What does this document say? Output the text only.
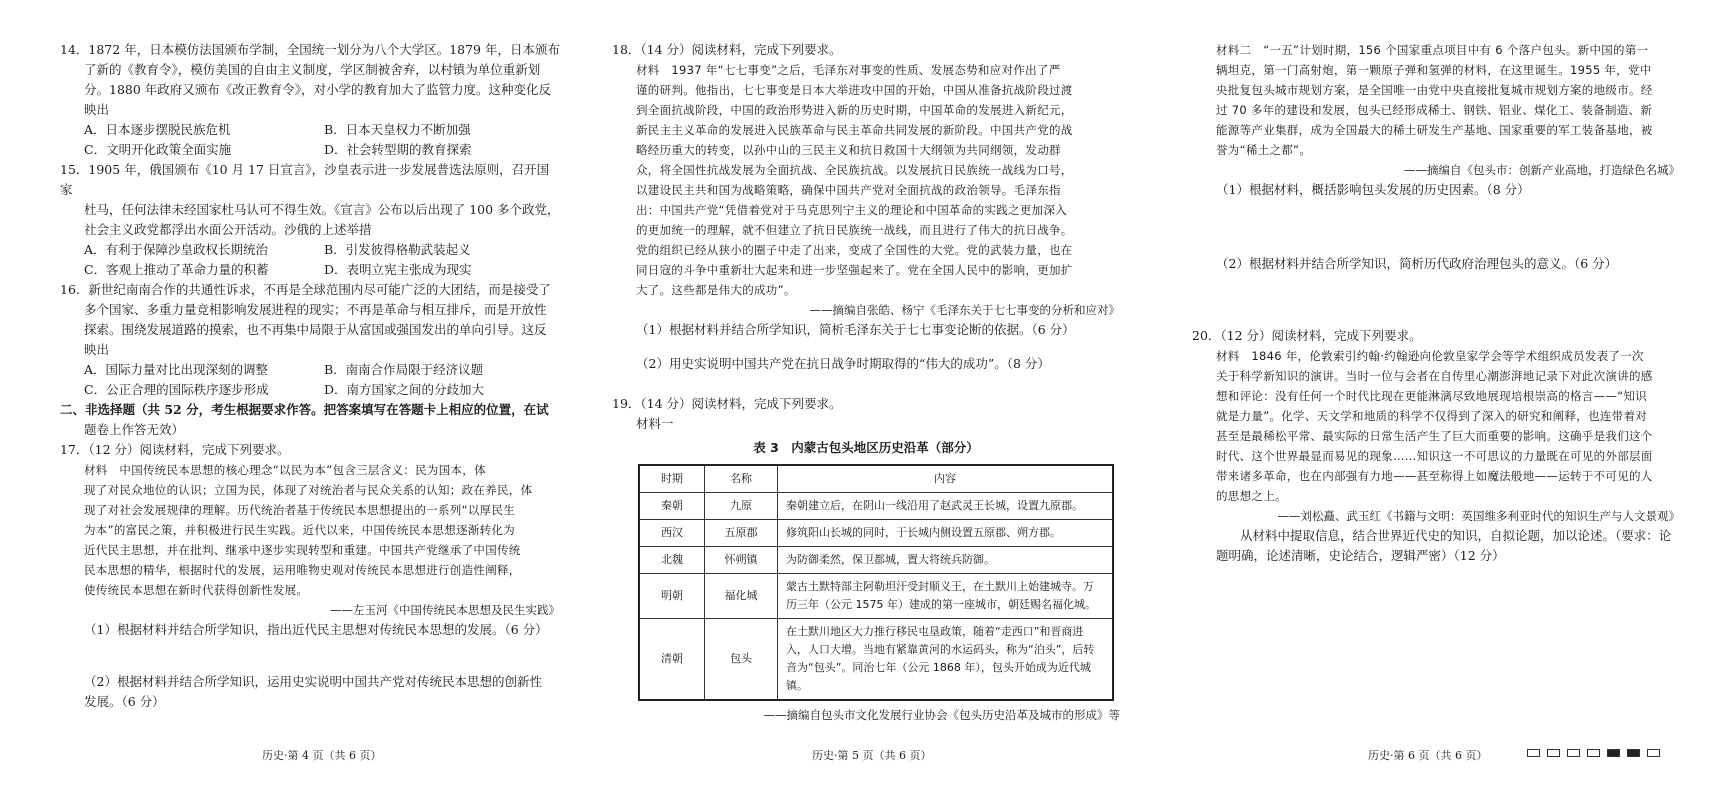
14．1872 年，日本模仿法国颁布学制，全国统一划分为八个大学区。1879 年，日本颁布

了新的《教育令》，模仿美国的自由主义制度，学区制被舍弃，以村镇为单位重新划

分。1880 年政府又颁布《改正教育令》，对小学的教育加大了监管力度。这种变化反

映出

A．日本逐步摆脱民族危机	B．日本天皇权力不断加强
C．文明开化政策全面实施	D．社会转型期的教育探索

15．1905 年，俄国颁布《10 月 17 日宣言》，沙皇表示进一步发展普选法原则，召开国家

杜马，任何法律未经国家杜马认可不得生效。《宣言》公布以后出现了 100 多个政党，

社会主义政党都浮出水面公开活动。沙俄的上述举措

A．有利于保障沙皇政权长期统治	B．引发彼得格勒武装起义
C．客观上推动了革命力量的积蓄	D．表明立宪主张成为现实

16．新世纪南南合作的共通性诉求，不再是全球范围内尽可能广泛的大团结，而是接受了

多个国家、多重力量竞相影响发展进程的现实；不再是革命与相互排斥，而是开放性

探索。围绕发展道路的摸索，也不再集中局限于从富国或强国发出的单向引导。这反

映出

A．国际力量对比出现深刻的调整	B．南南合作局限于经济议题
C．公正合理的国际秩序逐步形成	D．南方国家之间的分歧加大

二、非选择题（共 52 分，考生根据要求作答。把答案填写在答题卡上相应的位置，在试

题卷上作答无效）

17．（12 分）阅读材料，完成下列要求。

材料　中国传统民本思想的核心理念“以民为本”包含三层含义：民为国本，体

现了对民众地位的认识；立国为民，体现了对统治者与民众关系的认知；政在养民，体

现了对社会发展规律的理解。历代统治者基于传统民本思想提出的一系列“以厚民生

为本”的富民之策，并积极进行民生实践。近代以来，中国传统民本思想逐渐转化为

近代民主思想，并在批判、继承中逐步实现转型和重建。中国共产党继承了中国传统

民本思想的精华，根据时代的发展，运用唯物史观对传统民本思想进行创造性阐释，

使传统民本思想在新时代获得创新性发展。

——左玉河《中国传统民本思想及民生实践》

（1）根据材料并结合所学知识，指出近代民主思想对传统民本思想的发展。（6 分）

（2）根据材料并结合所学知识，运用史实说明中国共产党对传统民本思想的创新性

发展。（6 分）

历史·第 4 页（共 6 页）

18．（14 分）阅读材料，完成下列要求。

材料　1937 年“七七事变”之后，毛泽东对事变的性质、发展态势和应对作出了严

谨的研判。他指出，七七事变是日本大举进攻中国的开始，中国从准备抗战阶段过渡

到全面抗战阶段，中国的政治形势进入新的历史时期，中国革命的发展进入新纪元，

新民主主义革命的发展进入民族革命与民主革命共同发展的新阶段。中国共产党的战

略经历重大的转变，以孙中山的三民主义和抗日救国十大纲领为共同纲领，发动群

众，将全国性抗战发展为全面抗战、全民族抗战。以发展抗日民族统一战线为口号，

以建设民主共和国为战略策略，确保中国共产党对全面抗战的政治领导。毛泽东指

出：中国共产党“凭借着党对于马克思列宁主义的理论和中国革命的实践之更加深入

的更加统一的理解，就不但建立了抗日民族统一战线，而且进行了伟大的抗日战争。

党的组织已经从狭小的圈子中走了出来，变成了全国性的大党。党的武装力量，也在

同日寇的斗争中重新壮大起来和进一步坚强起来了。党在全国人民中的影响，更加扩

大了。这些都是伟大的成功”。

——摘编自张皓、杨宁《毛泽东关于七七事变的分析和应对》

（1）根据材料并结合所学知识，简析毛泽东关于七七事变论断的依据。（6 分）

（2）用史实说明中国共产党在抗日战争时期取得的“伟大的成功”。（8 分）

19．（14 分）阅读材料，完成下列要求。

材料一

表 3　内蒙古包头地区历史沿革（部分）

时期	名称	内容
秦朝	九原	秦朝建立后，在阴山一线沿用了赵武灵王长城，设置九原郡。
西汉	五原郡	修筑阳山长城的同时，于长城内侧设置五原郡、朔方郡。
北魏	怀朔镇	为防御柔然，保卫都城，置大将统兵防御。
明朝	福化城	蒙古土默特部主阿勒坦汗受封顺义王，在土默川上始建城寺。万历三年（公元 1575 年）建成的第一座城市，朝廷赐名福化城。
清朝	包头	在土默川地区大力推行移民屯垦政策，随着“走西口”和晋商进入，人口大增。当地有紧靠黄河的水运码头，称为“泊头”，后转音为“包头”。同治七年（公元 1868 年），包头开始成为近代城镇。

——摘编自包头市文化发展行业协会《包头历史沿革及城市的形成》等

历史·第 5 页（共 6 页）

材料二　“一五”计划时期，156 个国家重点项目中有 6 个落户包头。新中国的第一

辆坦克，第一门高射炮，第一颗原子弹和氢弹的材料，在这里诞生。1955 年，党中

央批复包头城市规划方案，是全国唯一由党中央直接批复城市规划方案的地级市。经

过 70 多年的建设和发展，包头已经形成稀土、钢铁、铝业、煤化工、装备制造、新

能源等产业集群，成为全国最大的稀土研发生产基地、国家重要的军工装备基地，被

誉为“稀土之都”。

——摘编自《包头市：创新产业高地，打造绿色名城》

（1）根据材料，概括影响包头发展的历史因素。（8 分）

（2）根据材料并结合所学知识，简析历代政府治理包头的意义。（6 分）

20．（12 分）阅读材料，完成下列要求。

材料　1846 年，伦敦索引约翰·约翰逊向伦敦皇家学会等学术组织成员发表了一次

关于科学新知识的演讲。当时一位与会者在自传里心潮澎湃地记录下对此次演讲的感

想和评论：没有任何一个时代比现在更能淋漓尽致地展现培根崇高的格言——“知识

就是力量”。化学、天文学和地质的科学不仅得到了深入的研究和阐释，也连带着对

甚至是最稀松平常、最实际的日常生活产生了巨大而重要的影响。这确乎是我们这个

时代、这个世界最显而易见的现象……知识这一不可思议的力量既在可见的外部层面

带来诸多革命，也在内部强有力地——甚至称得上如魔法般地——运转于不可见的人

的思想之上。

——刘松矗、武玉红《书籍与文明：英国维多利亚时代的知识生产与人文景观》

从材料中提取信息，结合世界近代史的知识，自拟论题，加以论述。（要求：论

题明确，论述清晰，史论结合，逻辑严密）（12 分）

历史·第 6 页（共 6 页）
